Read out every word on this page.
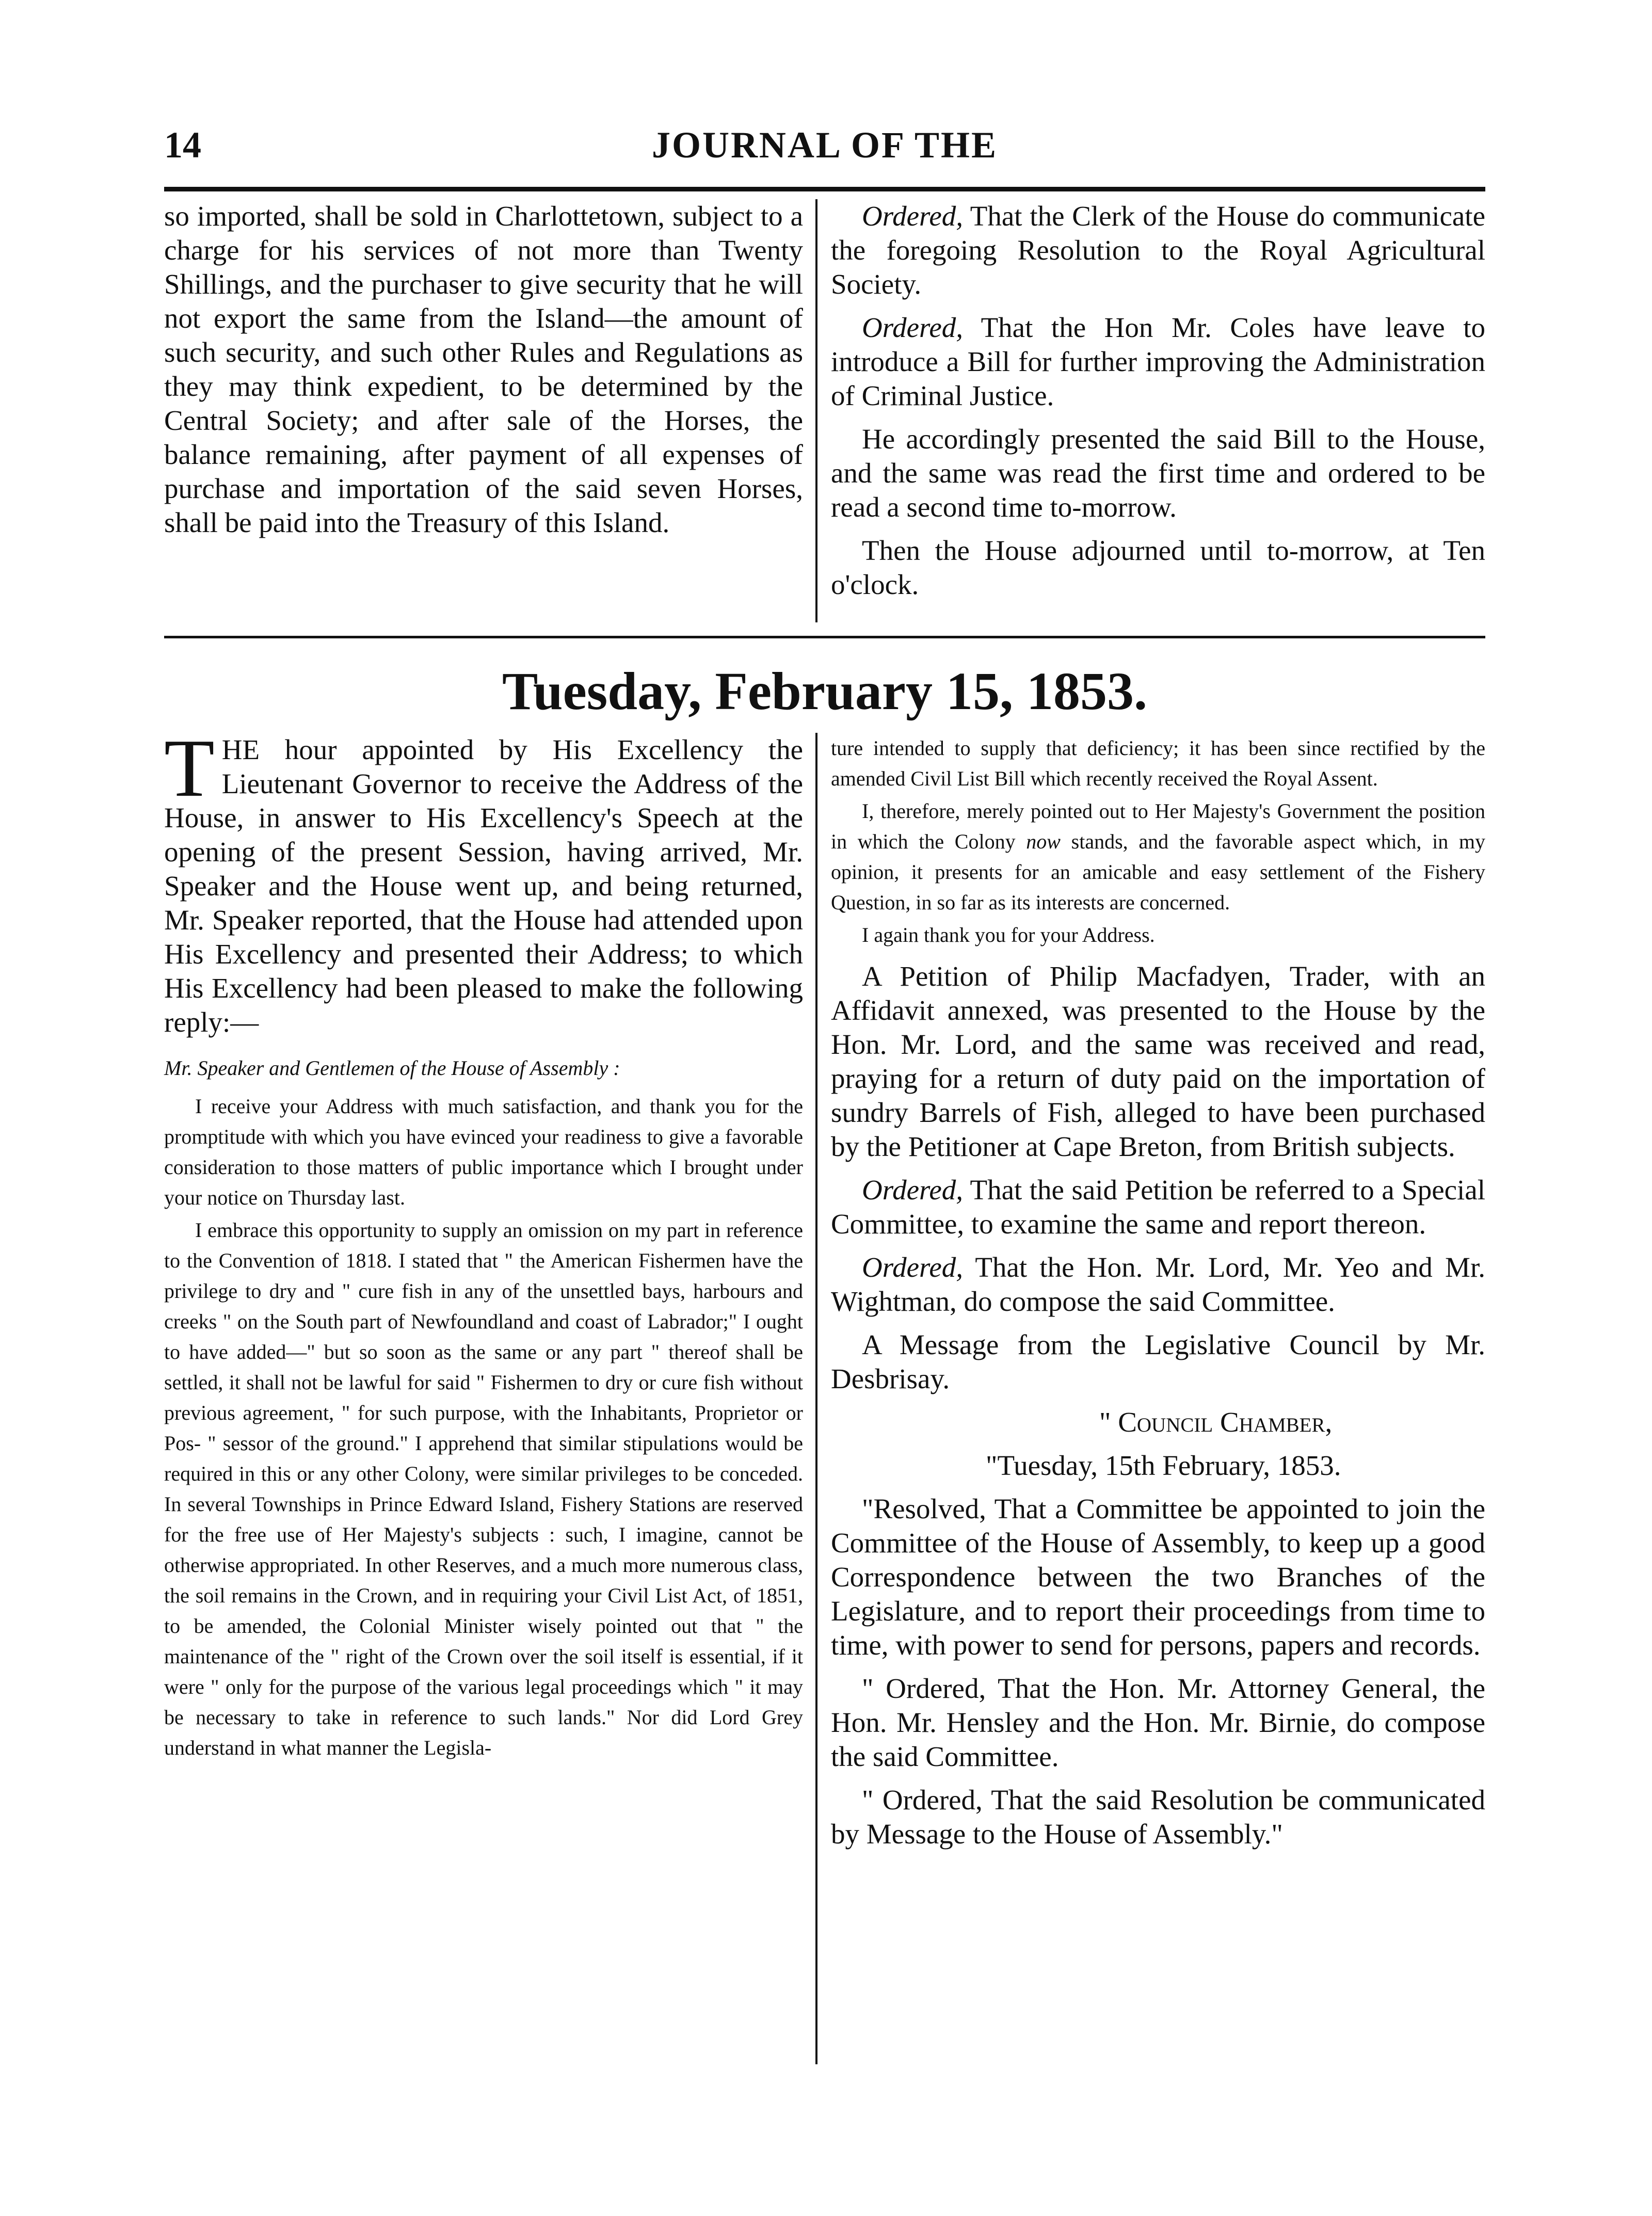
14	JOURNAL OF THE

so imported, shall be sold in Charlottetown, subject to a charge for his services of not more than Twenty Shillings, and the purchaser to give security that he will not export the same from the Island—the amount of such security, and such other Rules and Regulations as they may think expedient, to be determined by the Central Society; and after sale of the Horses, the balance remaining, after payment of all expenses of purchase and importation of the said seven Horses, shall be paid into the Treasury of this Island.

Ordered, That the Clerk of the House do communicate the foregoing Resolution to the Royal Agricultural Society.

Ordered, That the Hon Mr. Coles have leave to introduce a Bill for further improving the Administration of Criminal Justice.

He accordingly presented the said Bill to the House, and the same was read the first time and ordered to be read a second time to-morrow.

Then the House adjourned until to-morrow, at Ten o'clock.

Tuesday, February 15, 1853.

THE hour appointed by His Excellency the Lieutenant Governor to receive the Address of the House, in answer to His Excellency's Speech at the opening of the present Session, having arrived, Mr. Speaker and the House went up, and being returned, Mr. Speaker reported, that the House had attended upon His Excellency and presented their Address; to which His Excellency had been pleased to make the following reply:—

Mr. Speaker and Gentlemen of the House of Assembly :

I receive your Address with much satisfaction, and thank you for the promptitude with which you have evinced your readiness to give a favorable consideration to those matters of public importance which I brought under your notice on Thursday last.

I embrace this opportunity to supply an omission on my part in reference to the Convention of 1818. I stated that " the American Fishermen have the privilege to dry and " cure fish in any of the unsettled bays, harbours and creeks " on the South part of Newfoundland and coast of Labrador;" I ought to have added—" but so soon as the same or any part " thereof shall be settled, it shall not be lawful for said " Fishermen to dry or cure fish without previous agreement, " for such purpose, with the Inhabitants, Proprietor or Pos- " sessor of the ground." I apprehend that similar stipulations would be required in this or any other Colony, were similar privileges to be conceded. In several Townships in Prince Edward Island, Fishery Stations are reserved for the free use of Her Majesty's subjects : such, I imagine, cannot be otherwise appropriated. In other Reserves, and a much more numerous class, the soil remains in the Crown, and in requiring your Civil List Act, of 1851, to be amended, the Colonial Minister wisely pointed out that " the maintenance of the " right of the Crown over the soil itself is essential, if it were " only for the purpose of the various legal proceedings which " it may be necessary to take in reference to such lands." Nor did Lord Grey understand in what manner the Legisla-

ture intended to supply that deficiency; it has been since rectified by the amended Civil List Bill which recently received the Royal Assent.

I, therefore, merely pointed out to Her Majesty's Government the position in which the Colony now stands, and the favorable aspect which, in my opinion, it presents for an amicable and easy settlement of the Fishery Question, in so far as its interests are concerned.

I again thank you for your Address.

A Petition of Philip Macfadyen, Trader, with an Affidavit annexed, was presented to the House by the Hon. Mr. Lord, and the same was received and read, praying for a return of duty paid on the importation of sundry Barrels of Fish, alleged to have been purchased by the Petitioner at Cape Breton, from British subjects.

Ordered, That the said Petition be referred to a Special Committee, to examine the same and report thereon.

Ordered, That the Hon. Mr. Lord, Mr. Yeo and Mr. Wightman, do compose the said Committee.

A Message from the Legislative Council by Mr. Desbrisay.

" Council Chamber,

"Tuesday, 15th February, 1853.

"Resolved, That a Committee be appointed to join the Committee of the House of Assembly, to keep up a good Correspondence between the two Branches of the Legislature, and to report their proceedings from time to time, with power to send for persons, papers and records.

" Ordered, That the Hon. Mr. Attorney General, the Hon. Mr. Hensley and the Hon. Mr. Birnie, do compose the said Committee.

" Ordered, That the said Resolution be communicated by Message to the House of Assembly."
